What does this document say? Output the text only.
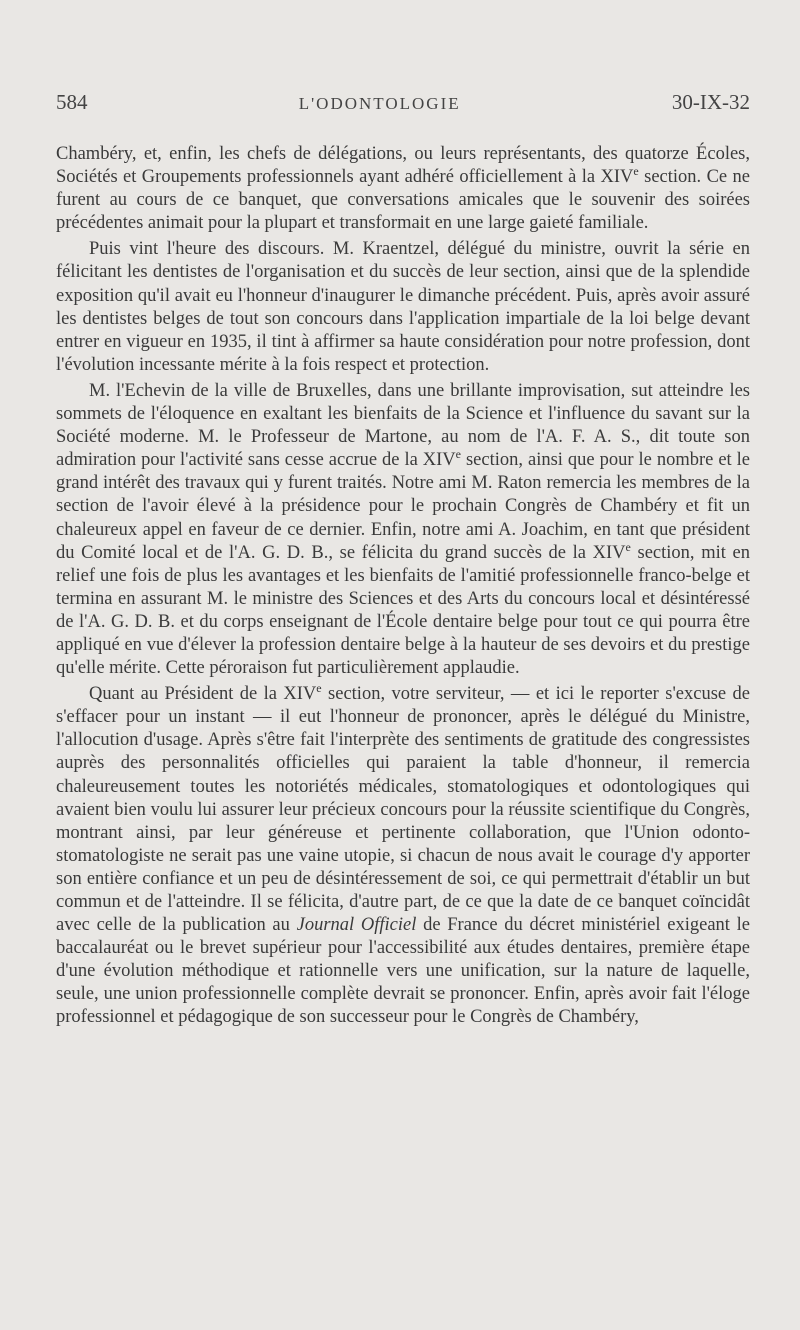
584	L'ODONTOLOGIE	30-IX-32

Chambéry, et, enfin, les chefs de délégations, ou leurs représentants, des quatorze Écoles, Sociétés et Groupements professionnels ayant adhéré officiellement à la XIVe section. Ce ne furent au cours de ce banquet, que conversations amicales que le souvenir des soirées précédentes animait pour la plupart et transformait en une large gaieté familiale.

Puis vint l'heure des discours. M. Kraentzel, délégué du ministre, ouvrit la série en félicitant les dentistes de l'organisation et du succès de leur section, ainsi que de la splendide exposition qu'il avait eu l'honneur d'inaugurer le dimanche précédent. Puis, après avoir assuré les dentistes belges de tout son concours dans l'application impartiale de la loi belge devant entrer en vigueur en 1935, il tint à affirmer sa haute considération pour notre profession, dont l'évolution incessante mérite à la fois respect et protection.

M. l'Echevin de la ville de Bruxelles, dans une brillante improvisation, sut atteindre les sommets de l'éloquence en exaltant les bienfaits de la Science et l'influence du savant sur la Société moderne. M. le Professeur de Martone, au nom de l'A. F. A. S., dit toute son admiration pour l'activité sans cesse accrue de la XIVe section, ainsi que pour le nombre et le grand intérêt des travaux qui y furent traités. Notre ami M. Raton remercia les membres de la section de l'avoir élevé à la présidence pour le prochain Congrès de Chambéry et fit un chaleureux appel en faveur de ce dernier. Enfin, notre ami A. Joachim, en tant que président du Comité local et de l'A. G. D. B., se félicita du grand succès de la XIVe section, mit en relief une fois de plus les avantages et les bienfaits de l'amitié professionnelle franco-belge et termina en assurant M. le ministre des Sciences et des Arts du concours local et désintéressé de l'A. G. D. B. et du corps enseignant de l'École dentaire belge pour tout ce qui pourra être appliqué en vue d'élever la profession dentaire belge à la hauteur de ses devoirs et du prestige qu'elle mérite. Cette péroraison fut particulièrement applaudie.

Quant au Président de la XIVe section, votre serviteur, — et ici le reporter s'excuse de s'effacer pour un instant — il eut l'honneur de prononcer, après le délégué du Ministre, l'allocution d'usage. Après s'être fait l'interprète des sentiments de gratitude des congressistes auprès des personnalités officielles qui paraient la table d'honneur, il remercia chaleureusement toutes les notoriétés médicales, stomatologiques et odontologiques qui avaient bien voulu lui assurer leur précieux concours pour la réussite scientifique du Congrès, montrant ainsi, par leur généreuse et pertinente collaboration, que l'Union odonto-stomatologiste ne serait pas une vaine utopie, si chacun de nous avait le courage d'y apporter son entière confiance et un peu de désintéressement de soi, ce qui permettrait d'établir un but commun et de l'atteindre. Il se félicita, d'autre part, de ce que la date de ce banquet coïncidât avec celle de la publication au Journal Officiel de France du décret ministériel exigeant le baccalauréat ou le brevet supérieur pour l'accessibilité aux études dentaires, première étape d'une évolution méthodique et rationnelle vers une unification, sur la nature de laquelle, seule, une union professionnelle complète devrait se prononcer. Enfin, après avoir fait l'éloge professionnel et pédagogique de son successeur pour le Congrès de Chambéry,
